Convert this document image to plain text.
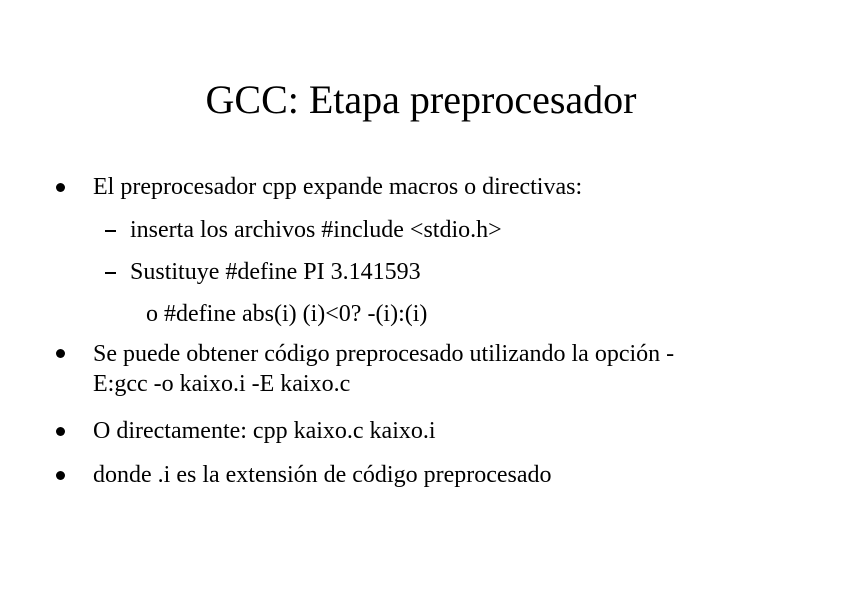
GCC: Etapa preprocesador
El preprocesador cpp expande macros o directivas:
inserta los archivos #include <stdio.h>
Sustituye #define PI 3.141593
o #define abs(i) (i)<0? -(i):(i)
Se puede obtener código preprocesado utilizando la opción -
E:gcc -o kaixo.i -E kaixo.c
O directamente: cpp kaixo.c kaixo.i
donde .i es la extensión de código preprocesado
